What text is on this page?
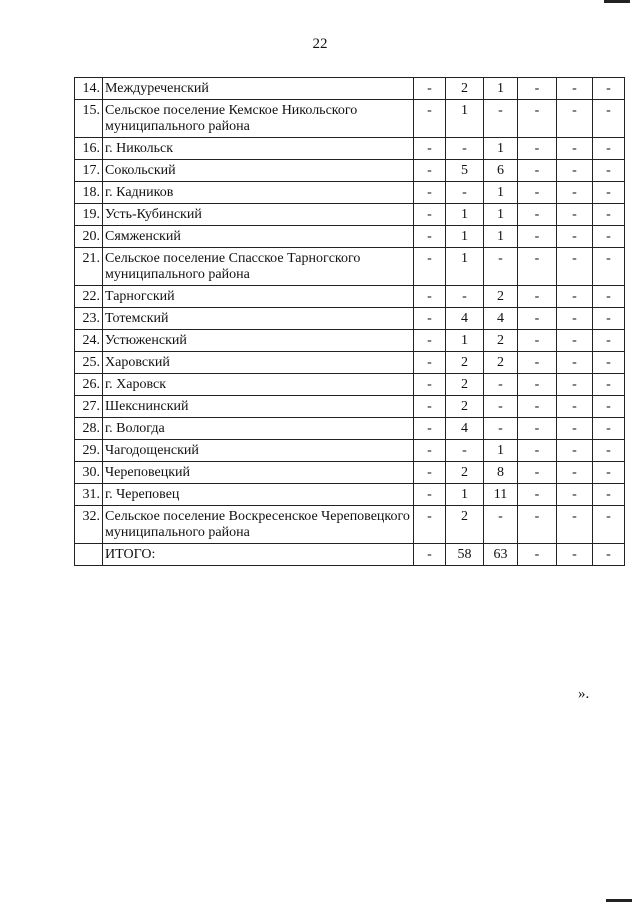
22
14.	Междуреченский	-	2	1	-	-	-
15.	Сельское поселение Кемское Никольского муниципального района	-	1	-	-	-	-
16.	г. Никольск	-	-	1	-	-	-
17.	Сокольский	-	5	6	-	-	-
18.	г. Кадников	-	-	1	-	-	-
19.	Усть-Кубинский	-	1	1	-	-	-
20.	Сямженский	-	1	1	-	-	-
21.	Сельское поселение Спасское Тарногского муниципального района	-	1	-	-	-	-
22.	Тарногский	-	-	2	-	-	-
23.	Тотемский	-	4	4	-	-	-
24.	Устюженский	-	1	2	-	-	-
25.	Харовский	-	2	2	-	-	-
26.	г. Харовск	-	2	-	-	-	-
27.	Шекснинский	-	2	-	-	-	-
28.	г. Вологда	-	4	-	-	-	-
29.	Чагодощенский	-	-	1	-	-	-
30.	Череповецкий	-	2	8	-	-	-
31.	г. Череповец	-	1	11	-	-	-
32.	Сельское поселение Воскресенское Череповецкого муниципального района	-	2	-	-	-	-
	ИТОГО:	-	58	63	-	-	-
».
